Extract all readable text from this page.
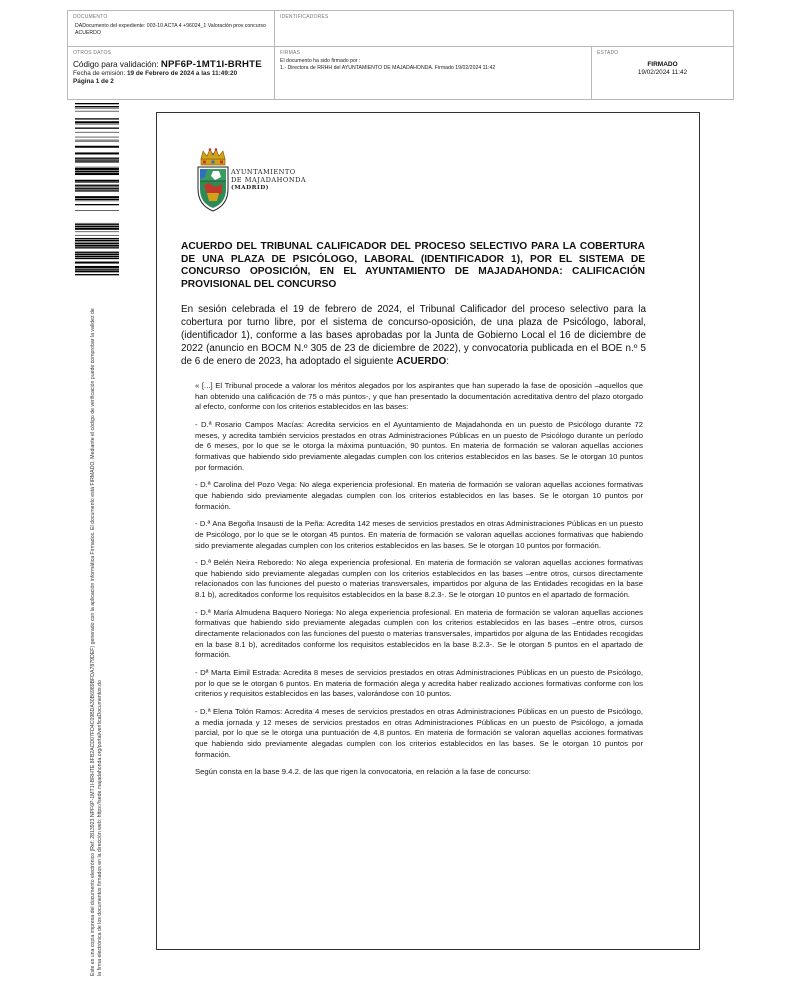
DOCUMENTO
DADocumento del expediente: 003-10 ACTA 4 +96024_1 Valoración prov concurso ACUERDO
IDENTIFICADORES
OTROS DATOS
Código para validación: NPF6P-1MT1I-BRHTE
Fecha de emisión: 19 de Febrero de 2024 a las 11:49:20
Página 1 de 2
FIRMAS
El documento ha sido firmado por :
1.- Directora de RRHH del AYUNTAMIENTO DE MAJADAHONDA. Firmado 19/02/2024 11:42
ESTADO
FIRMADO
19/02/2024 11:42
Este es una copia impresa del documento electrónico (Ref: 2813923 NPF6P-1MT1I-BRHTE 8FB2ACD07FD4C09BDA30B6989BFDA7879DEF) generado con la aplicación informática Firmadoc. El documento está FIRMADO. Mediante el código de verificación puede comprobar la validez de la firma electrónica de los documentos firmados en la dirección web: https://sede.majadahonda.org/portal/verificaDocumentos.do
AYUNTAMIENTO
DE MAJADAHONDA
(MADRID)
ACUERDO DEL TRIBUNAL CALIFICADOR DEL PROCESO SELECTIVO PARA LA COBERTURA DE UNA PLAZA DE PSICÓLOGO, LABORAL (IDENTIFICADOR 1), POR EL SISTEMA DE CONCURSO OPOSICIÓN, EN EL AYUNTAMIENTO DE MAJADAHONDA: CALIFICACIÓN PROVISIONAL DEL CONCURSO
En sesión celebrada el 19 de febrero de 2024, el Tribunal Calificador del proceso selectivo para la cobertura por turno libre, por el sistema de concurso-oposición, de una plaza de Psicólogo, laboral, (identificador 1), conforme a las bases aprobadas por la Junta de Gobierno Local el 16 de diciembre de 2022 (anuncio en BOCM N.º 305 de 23 de diciembre de 2022), y convocatoria publicada en el BOE n.º 5 de 6 de enero de 2023, ha adoptado el siguiente ACUERDO:

« [...] El Tribunal procede a valorar los méritos alegados por los aspirantes que han superado la fase de oposición –aquellos que han obtenido una calificación de 75 o más puntos-, y que han presentado la documentación acreditativa dentro del plazo otorgado al efecto, conforme con los criterios establecidos en las bases:

- D.ª Rosario Campos Macías: Acredita servicios en el Ayuntamiento de Majadahonda en un puesto de Psicólogo durante 72 meses, y acredita también servicios prestados en otras Administraciones Públicas en un puesto de Psicólogo durante un período de 6 meses, por lo que se le otorga la máxima puntuación, 90 puntos. En materia de formación se valoran aquellas acciones formativas que habiendo sido previamente alegadas cumplen con los criterios establecidos en las bases. Se le otorgan 10 puntos por formación.

- D.ª Carolina del Pozo Vega: No alega experiencia profesional. En materia de formación se valoran aquellas acciones formativas que habiendo sido previamente alegadas cumplen con los criterios establecidos en las bases. Se le otorgan 10 puntos por formación.

- D.ª Ana Begoña Insausti de la Peña: Acredita 142 meses de servicios prestados en otras Administraciones Públicas en un puesto de Psicólogo, por lo que se le otorgan 45 puntos. En materia de formación se valoran aquellas acciones formativas que habiendo sido previamente alegadas cumplen con los criterios establecidos en las bases. Se le otorgan 10 puntos por formación.

- D.ª Belén Neira Reboredo: No alega experiencia profesional. En materia de formación se valoran aquellas acciones formativas que habiendo sido previamente alegadas cumplen con los criterios establecidos en las bases –entre otros, cursos directamente relacionados con las funciones del puesto o materias transversales, impartidos por alguna de las Entidades recogidas en la base 8.1 b), acreditados conforme los requisitos establecidos en la base 8.2.3-. Se le otorgan 10 puntos en el apartado de formación.

- D.ª María Almudena Baquero Noriega: No alega experiencia profesional. En materia de formación se valoran aquellas acciones formativas que habiendo sido previamente alegadas cumplen con los criterios establecidos en las bases –entre otros, cursos directamente relacionados con las funciones del puesto o materias transversales, impartidos por alguna de las Entidades recogidas en la base 8.1 b), acreditados conforme los requisitos establecidos en la base 8.2.3-. Se le otorgan 5 puntos en el apartado de formación.

- Dª Marta Eimil Estrada: Acredita 8 meses de servicios prestados en otras Administraciones Públicas en un puesto de Psicólogo, por lo que se le otorgan 6 puntos. En materia de formación alega y acredita haber realizado acciones formativas conforme con los criterios y requisitos establecidos en las bases, valorándose con 10 puntos.

- D.ª Elena Tolón Ramos: Acredita 4 meses de servicios prestados en otras Administraciones Públicas en un puesto de Psicólogo, a media jornada y 12 meses de servicios prestados en otras Administraciones Públicas en un puesto de Psicólogo, a jornada parcial, por lo que se le otorga una puntuación de 4,8 puntos. En materia de formación se valoran aquellas acciones formativas que habiendo sido previamente alegadas cumplen con los criterios establecidos en las bases. Se le otorgan 10 puntos por formación.

Según consta en la base 9.4.2. de las que rigen la convocatoria, en relación a la fase de concurso:
